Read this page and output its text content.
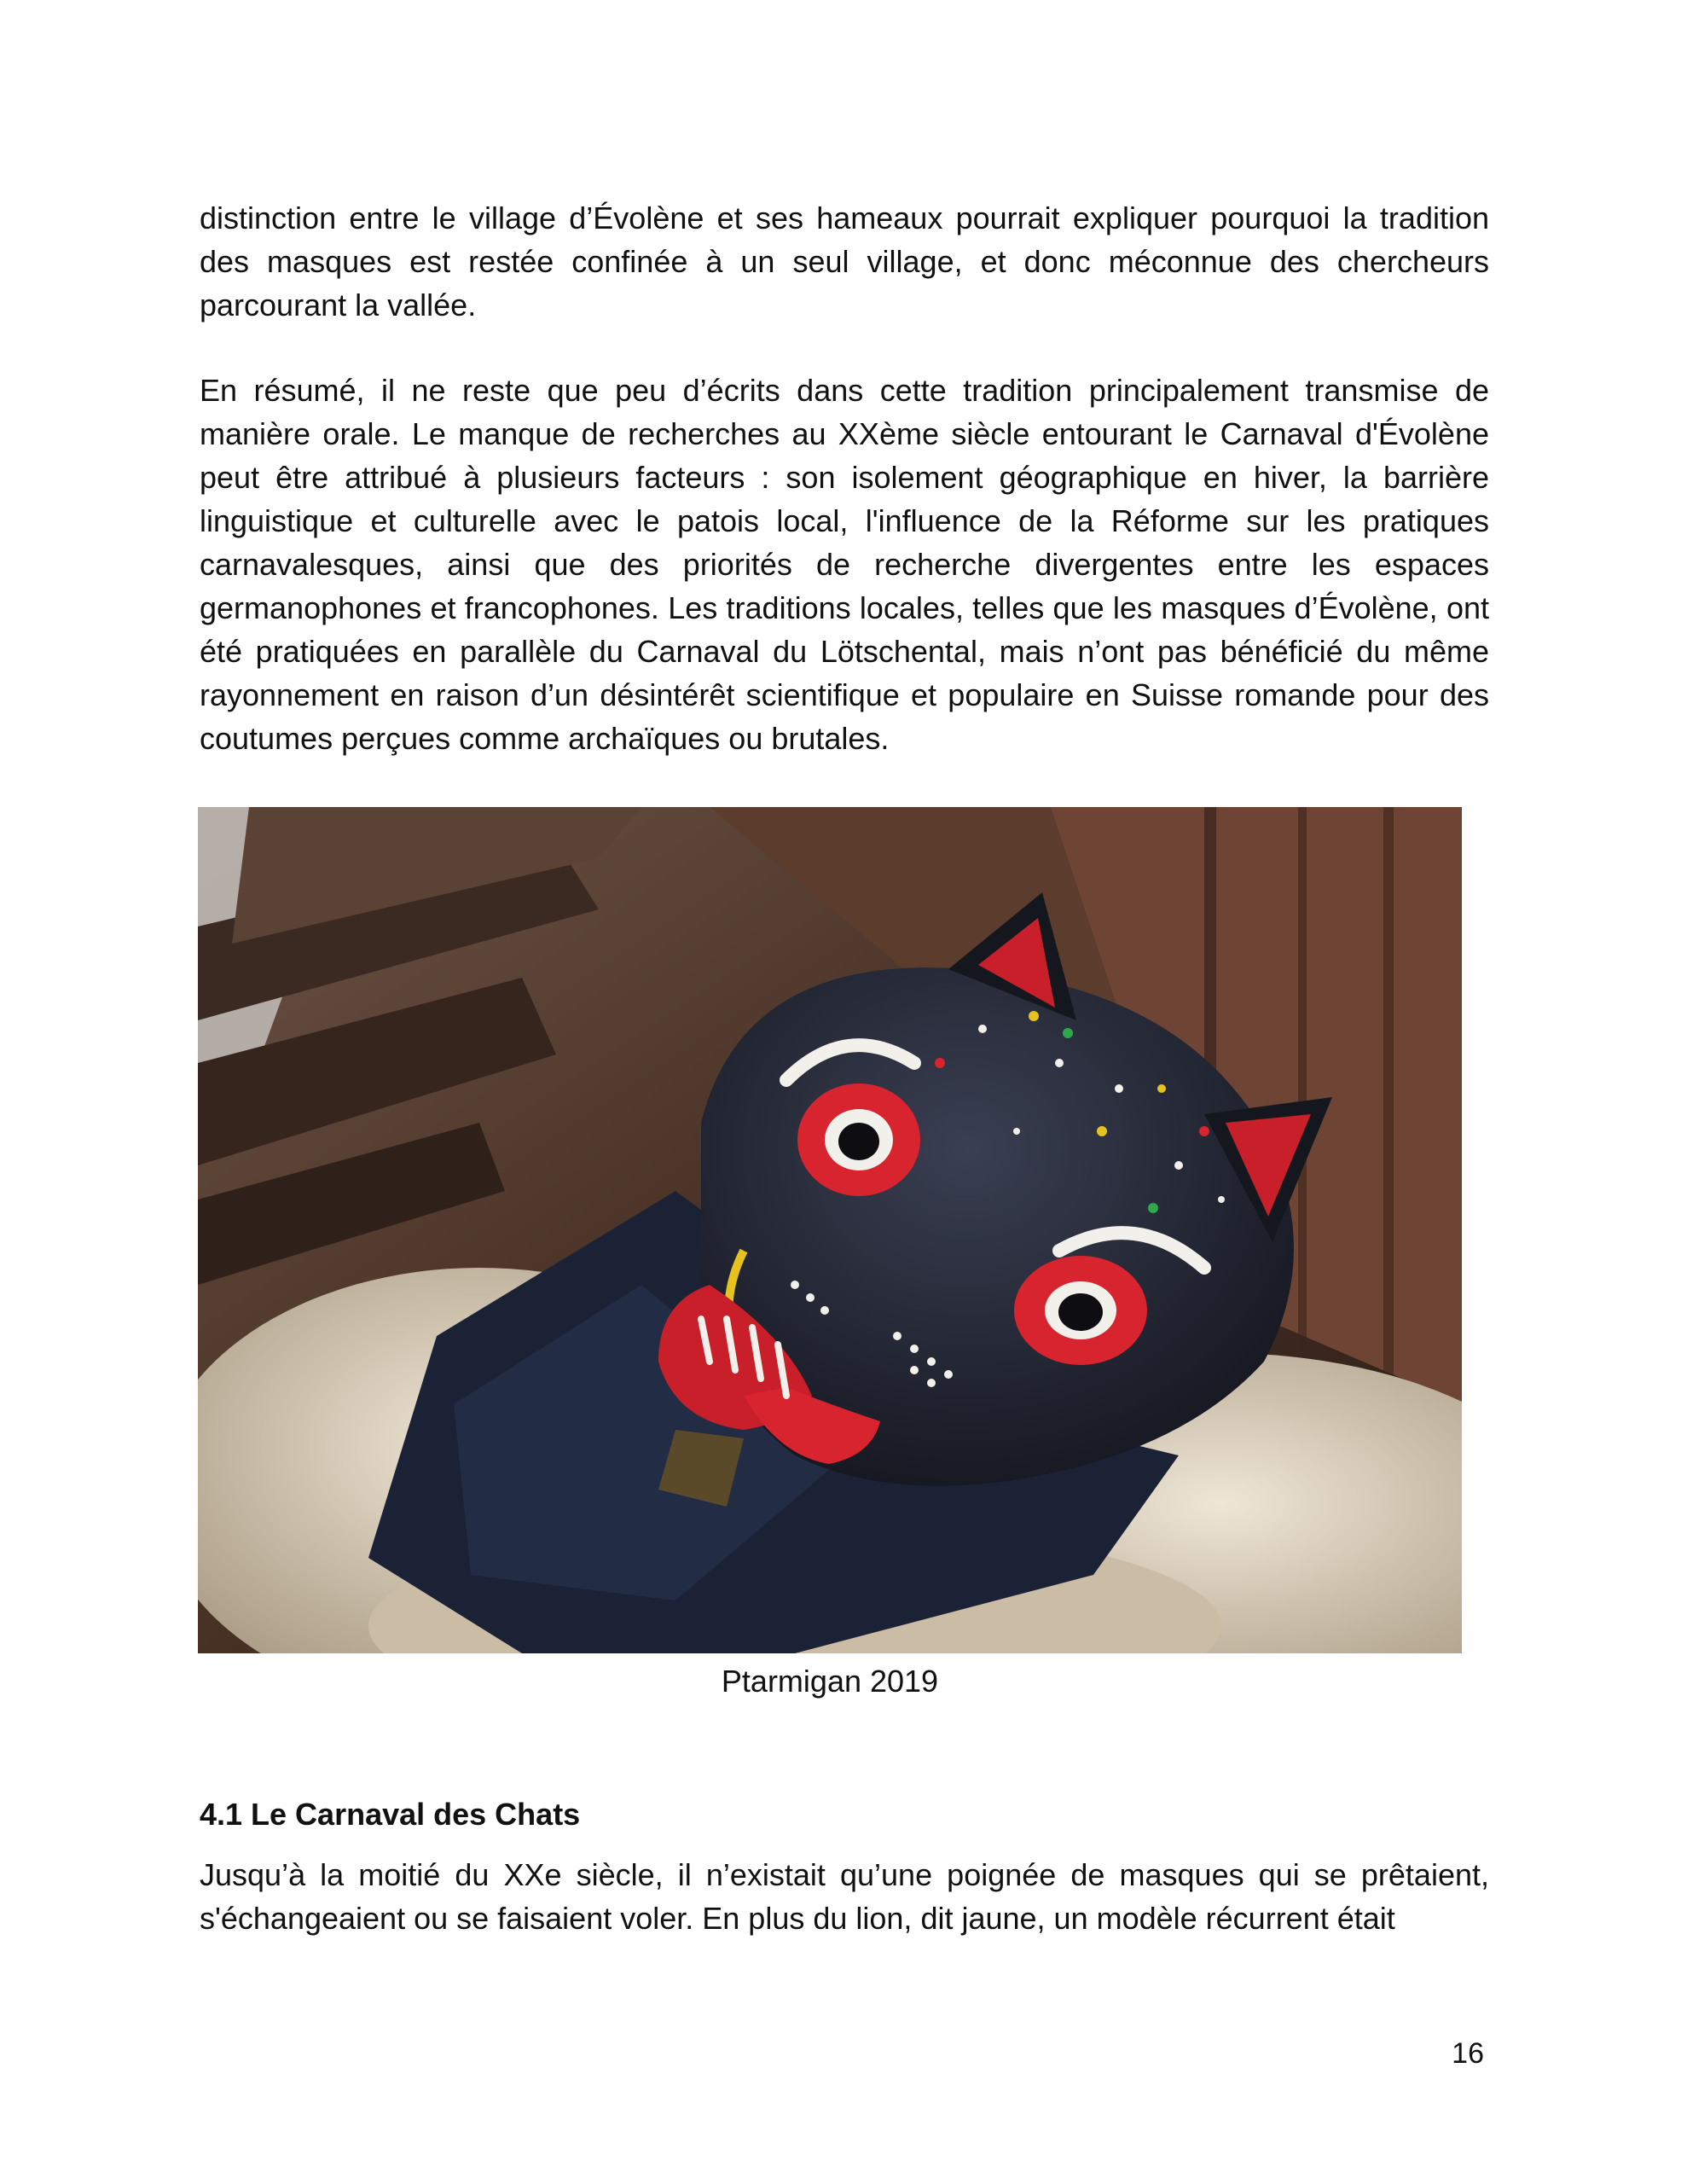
distinction entre le village d’Évolène et ses hameaux pourrait expliquer pourquoi la tradition des masques est restée confinée à un seul village, et donc méconnue des chercheurs parcourant la vallée.

En résumé, il ne reste que peu d’écrits dans cette tradition principalement transmise de manière orale. Le manque de recherches au XXème siècle entourant le Carnaval d'Évolène peut être attribué à plusieurs facteurs : son isolement géographique en hiver, la barrière linguistique et culturelle avec le patois local, l'influence de la Réforme sur les pratiques carnavalesques, ainsi que des priorités de recherche divergentes entre les espaces germanophones et francophones. Les traditions locales, telles que les masques d’Évolène, ont été pratiquées en parallèle du Carnaval du Lötschental, mais n’ont pas bénéficié du même rayonnement en raison d’un désintérêt scientifique et populaire en Suisse romande pour des coutumes perçues comme archaïques ou brutales.

Ptarmigan 2019

4.1 Le Carnaval des Chats

Jusqu’à la moitié du XXe siècle, il n’existait qu’une poignée de masques qui se prêtaient, s'échangeaient ou se faisaient voler. En plus du lion, dit jaune, un modèle récurrent était

16
